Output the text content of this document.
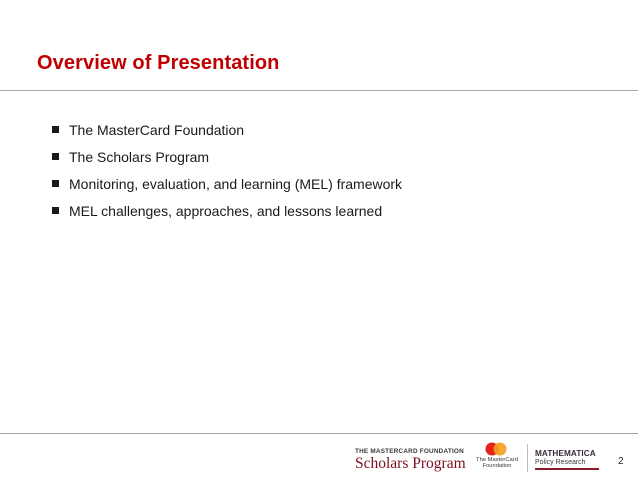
Overview of Presentation
The MasterCard Foundation
The Scholars Program
Monitoring, evaluation, and learning (MEL) framework
MEL challenges, approaches, and lessons learned
THE MASTERCARD FOUNDATION
Scholars Program The MasterCard
Foundation
MATHEMATICA
Policy Research	2
